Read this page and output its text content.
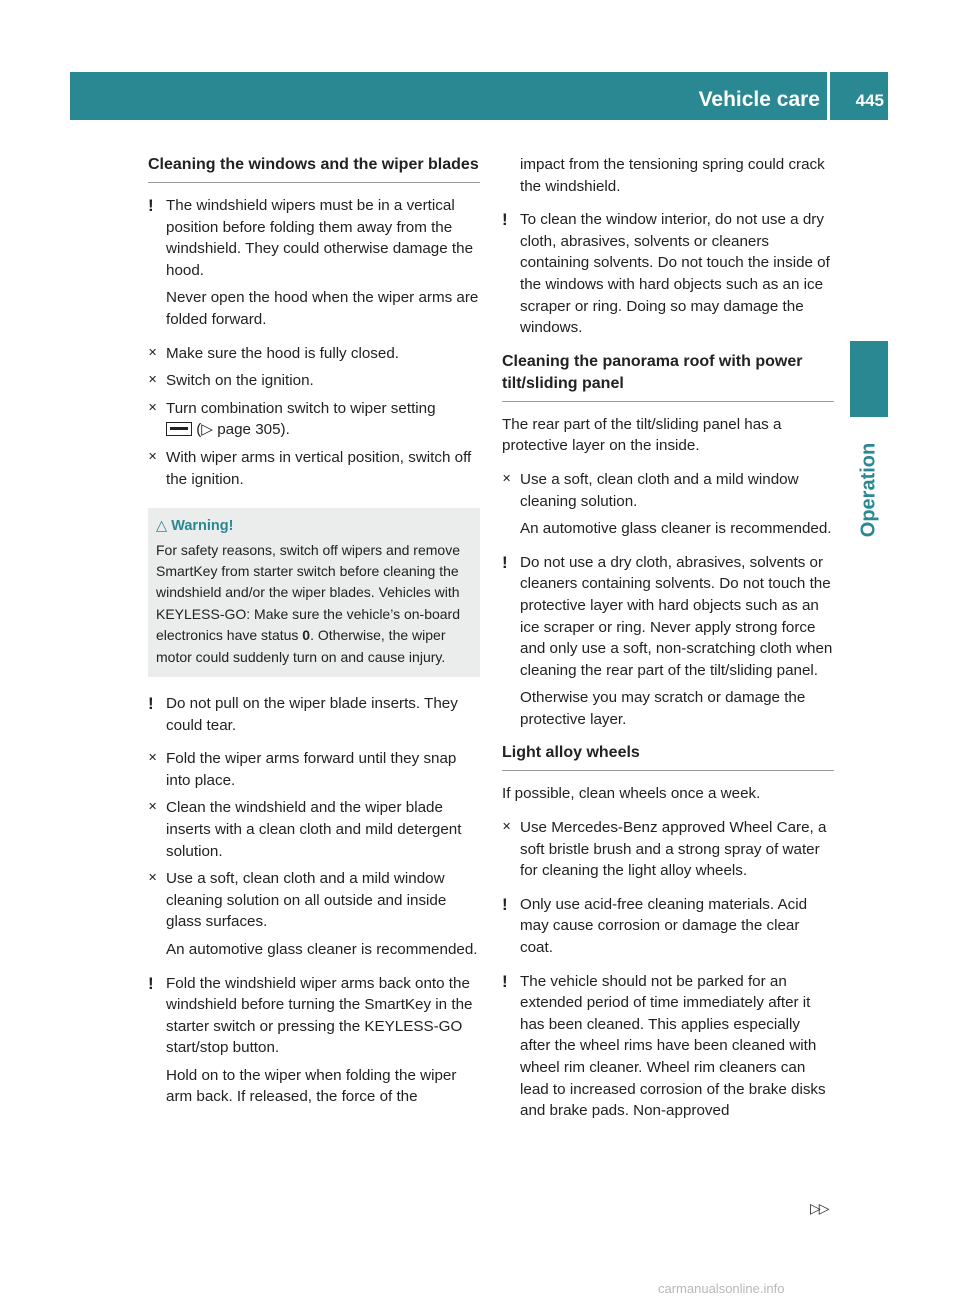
Vehicle care 445
Operation
Cleaning the windows and the wiper blades
! The windshield wipers must be in a vertical position before folding them away from the windshield. They could otherwise damage the hood.
Never open the hood when the wiper arms are folded forward.
✕ Make sure the hood is fully closed.
✕ Switch on the ignition.
✕ Turn combination switch to wiper setting
(▷ page 305).
✕ With wiper arms in vertical position, switch off the ignition.
△ Warning!
For safety reasons, switch off wipers and remove SmartKey from starter switch before cleaning the windshield and/or the wiper blades. Vehicles with KEYLESS-GO: Make sure the vehicle’s on-board electronics have status 0. Otherwise, the wiper motor could suddenly turn on and cause injury.
! Do not pull on the wiper blade inserts. They could tear.
✕ Fold the wiper arms forward until they snap into place.
✕ Clean the windshield and the wiper blade inserts with a clean cloth and mild detergent solution.
✕ Use a soft, clean cloth and a mild window cleaning solution on all outside and inside glass surfaces.
An automotive glass cleaner is recommended.
! Fold the windshield wiper arms back onto the windshield before turning the SmartKey in the starter switch or pressing the KEYLESS-GO start/stop button.
Hold on to the wiper when folding the wiper arm back. If released, the force of the
impact from the tensioning spring could crack the windshield.
! To clean the window interior, do not use a dry cloth, abrasives, solvents or cleaners containing solvents. Do not touch the inside of the windows with hard objects such as an ice scraper or ring. Doing so may damage the windows.
Cleaning the panorama roof with power tilt/sliding panel
The rear part of the tilt/sliding panel has a protective layer on the inside.
✕ Use a soft, clean cloth and a mild window cleaning solution.
An automotive glass cleaner is recommended.
! Do not use a dry cloth, abrasives, solvents or cleaners containing solvents. Do not touch the protective layer with hard objects such as an ice scraper or ring. Never apply strong force and only use a soft, non-scratching cloth when cleaning the rear part of the tilt/sliding panel.
Otherwise you may scratch or damage the protective layer.
Light alloy wheels
If possible, clean wheels once a week.
✕ Use Mercedes-Benz approved Wheel Care, a soft bristle brush and a strong spray of water for cleaning the light alloy wheels.
! Only use acid-free cleaning materials. Acid may cause corrosion or damage the clear coat.
! The vehicle should not be parked for an extended period of time immediately after it has been cleaned. This applies especially after the wheel rims have been cleaned with wheel rim cleaner. Wheel rim cleaners can lead to increased corrosion of the brake disks and brake pads. Non-approved
▷▷
carmanualsonline.info
